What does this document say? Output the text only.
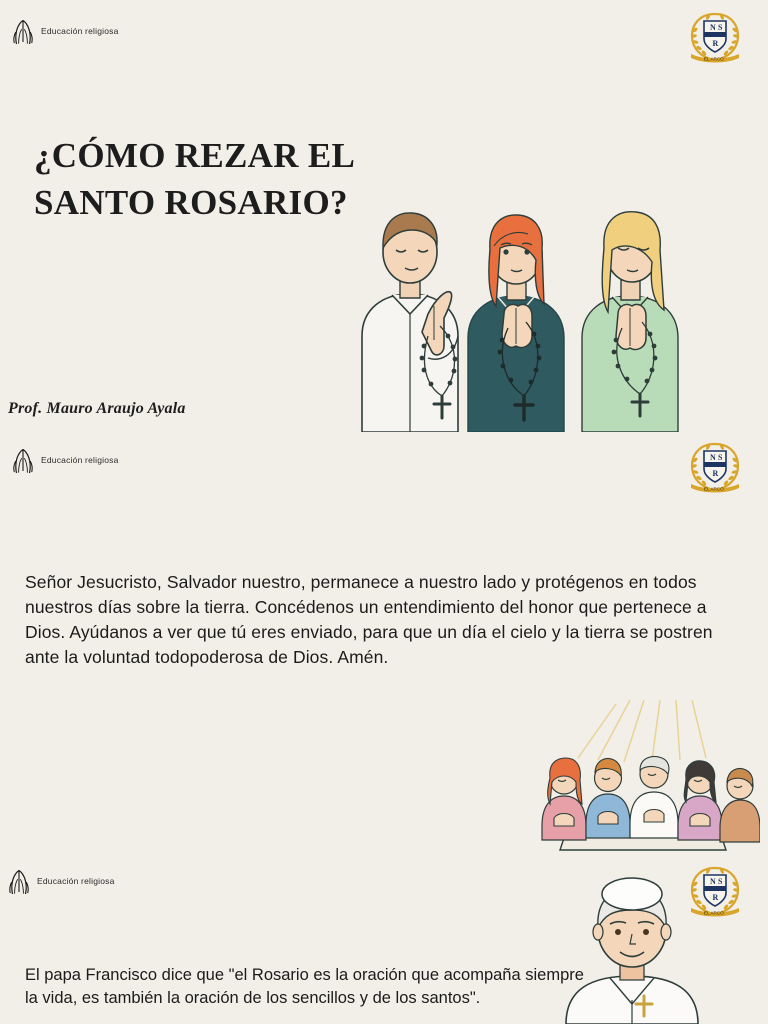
Educación religiosa	N S
R
EL ARCO
¿CÓMO REZAR EL SANTO ROSARIO?
Prof. Mauro Araujo Ayala
Educación religiosa	N S
R
EL ARCO

Señor Jesucristo, Salvador nuestro, permanece a nuestro lado y protégenos en todos nuestros días sobre la tierra. Concédenos un entendimiento del honor que pertenece a Dios. Ayúdanos a ver que tú eres enviado, para que un día el cielo y la tierra se postren ante la voluntad todopoderosa de Dios. Amén.

Educación religiosa

El papa Francisco dice que "el Rosario es la oración que acompaña siempre la vida, es también la oración de los sencillos y de los santos".

N S
R
EL ARCO
